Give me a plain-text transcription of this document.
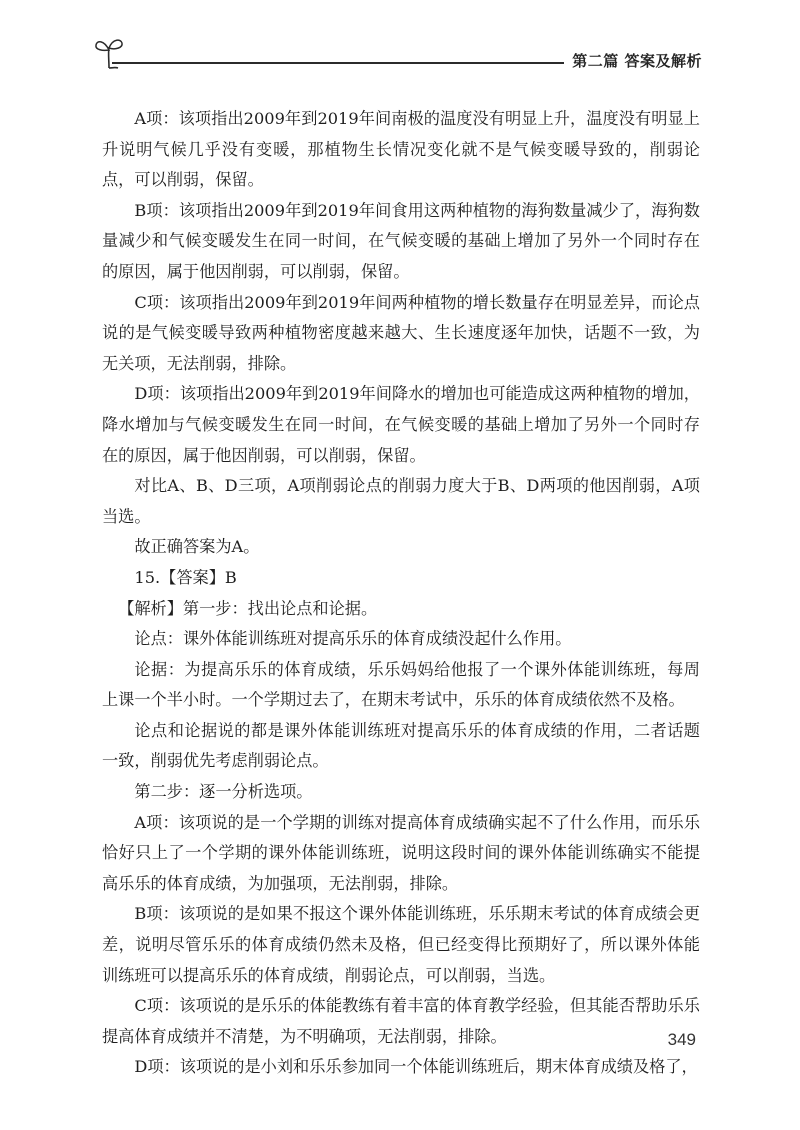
第二篇 答案及解析

A项：该项指出2009年到2019年间南极的温度没有明显上升，温度没有明显上升说明气候几乎没有变暖，那植物生长情况变化就不是气候变暖导致的，削弱论点，可以削弱，保留。

B项：该项指出2009年到2019年间食用这两种植物的海狗数量减少了，海狗数量减少和气候变暖发生在同一时间，在气候变暖的基础上增加了另外一个同时存在的原因，属于他因削弱，可以削弱，保留。

C项：该项指出2009年到2019年间两种植物的增长数量存在明显差异，而论点说的是气候变暖导致两种植物密度越来越大、生长速度逐年加快，话题不一致，为无关项，无法削弱，排除。

D项：该项指出2009年到2019年间降水的增加也可能造成这两种植物的增加，降水增加与气候变暖发生在同一时间，在气候变暖的基础上增加了另外一个同时存在的原因，属于他因削弱，可以削弱，保留。

对比A、B、D三项，A项削弱论点的削弱力度大于B、D两项的他因削弱，A项当选。

故正确答案为A。

15.【答案】B

【解析】第一步：找出论点和论据。

论点：课外体能训练班对提高乐乐的体育成绩没起什么作用。

论据：为提高乐乐的体育成绩，乐乐妈妈给他报了一个课外体能训练班，每周上课一个半小时。一个学期过去了，在期末考试中，乐乐的体育成绩依然不及格。

论点和论据说的都是课外体能训练班对提高乐乐的体育成绩的作用，二者话题一致，削弱优先考虑削弱论点。

第二步：逐一分析选项。

A项：该项说的是一个学期的训练对提高体育成绩确实起不了什么作用，而乐乐恰好只上了一个学期的课外体能训练班，说明这段时间的课外体能训练确实不能提高乐乐的体育成绩，为加强项，无法削弱，排除。

B项：该项说的是如果不报这个课外体能训练班，乐乐期末考试的体育成绩会更差，说明尽管乐乐的体育成绩仍然未及格，但已经变得比预期好了，所以课外体能训练班可以提高乐乐的体育成绩，削弱论点，可以削弱，当选。

C项：该项说的是乐乐的体能教练有着丰富的体育教学经验，但其能否帮助乐乐提高体育成绩并不清楚，为不明确项，无法削弱，排除。

D项：该项说的是小刘和乐乐参加同一个体能训练班后，期末体育成绩及格了，

349
